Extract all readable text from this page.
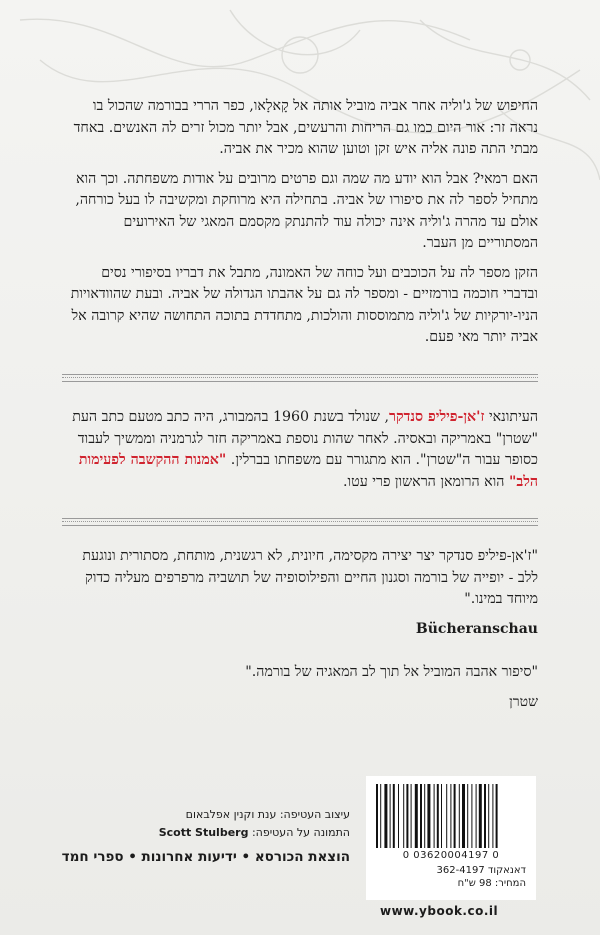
החיפוש של ג'וליה אחר אביה מוביל אותה אל קָאלָאו, כפר הררי בבורמה שהכול בו נראה זר: אור היום כמו גם הריחות והרעשים, אבל יותר מכול זרים לה האנשים. באחד מבתי התה פונה אליה איש זקן וטוען שהוא מכיר את אביה.

האם רמאי? אבל הוא יודע מה שמה וגם פרטים מרובים על אודות משפחתה. וכך הוא מתחיל לספר לה את סיפורו של אביה. בתחילה היא מרוחקת ומקשיבה לו בעל כורחה, אולם עד מהרה ג'וליה אינה יכולה עוד להתנתק מקסמם המאגי של האירועים המסתוריים מן העבר.

הזקן מספר לה על הכוכבים ועל כוחה של האמונה, מתבל את דבריו בסיפורי נסים ובדברי חוכמה בורמזיים - ומספר לה גם על אהבתו הגדולה של אביה. ובעת שהוודאויות הניו-יורקיות של ג'וליה מתמוססות והולכות, מתחדדת בתוכה התחושה שהיא קרובה אל אביה יותר מאי פעם.

העיתונאי ז'אן-פיליפ סנדקר, שנולד בשנת 1960 בהמבורג, היה כתב מטעם כתב העת "שטרן" באמריקה ובאסיה. לאחר שהות נוספת באמריקה חזר לגרמניה וממשיך לעבוד כסופר עבור ה"שטרן". הוא מתגורר עם משפחתו בברלין. "אמנות ההקשבה לפעימות הלב" הוא הרומאן הראשון פרי עטו.

"ז'אן-פיליפ סנדקר יצר יצירה מקסימה, חיונית, לא רגשנית, מותחת, מסתורית ונוגעת ללב - יופייה של בורמה וסגנון החיים והפילוסופיה של תושביה מרפרפים מעליה כדוק מיוחד במינו."

Bücheranschau

"סיפור אהבה המוביל אל תוך לב המאגיה של בורמה."

שטרן
עיצוב העטיפה: ענת וקנין אפלבאום
התמונה על העטיפה: Scott Stulberg
הוצאת הכורסא • ידיעות אחרונות • ספרי חמד	0 03620004197 0
דאנאקוד 362-4197
המחיר: 98 ש"ח
www.ybook.co.il
